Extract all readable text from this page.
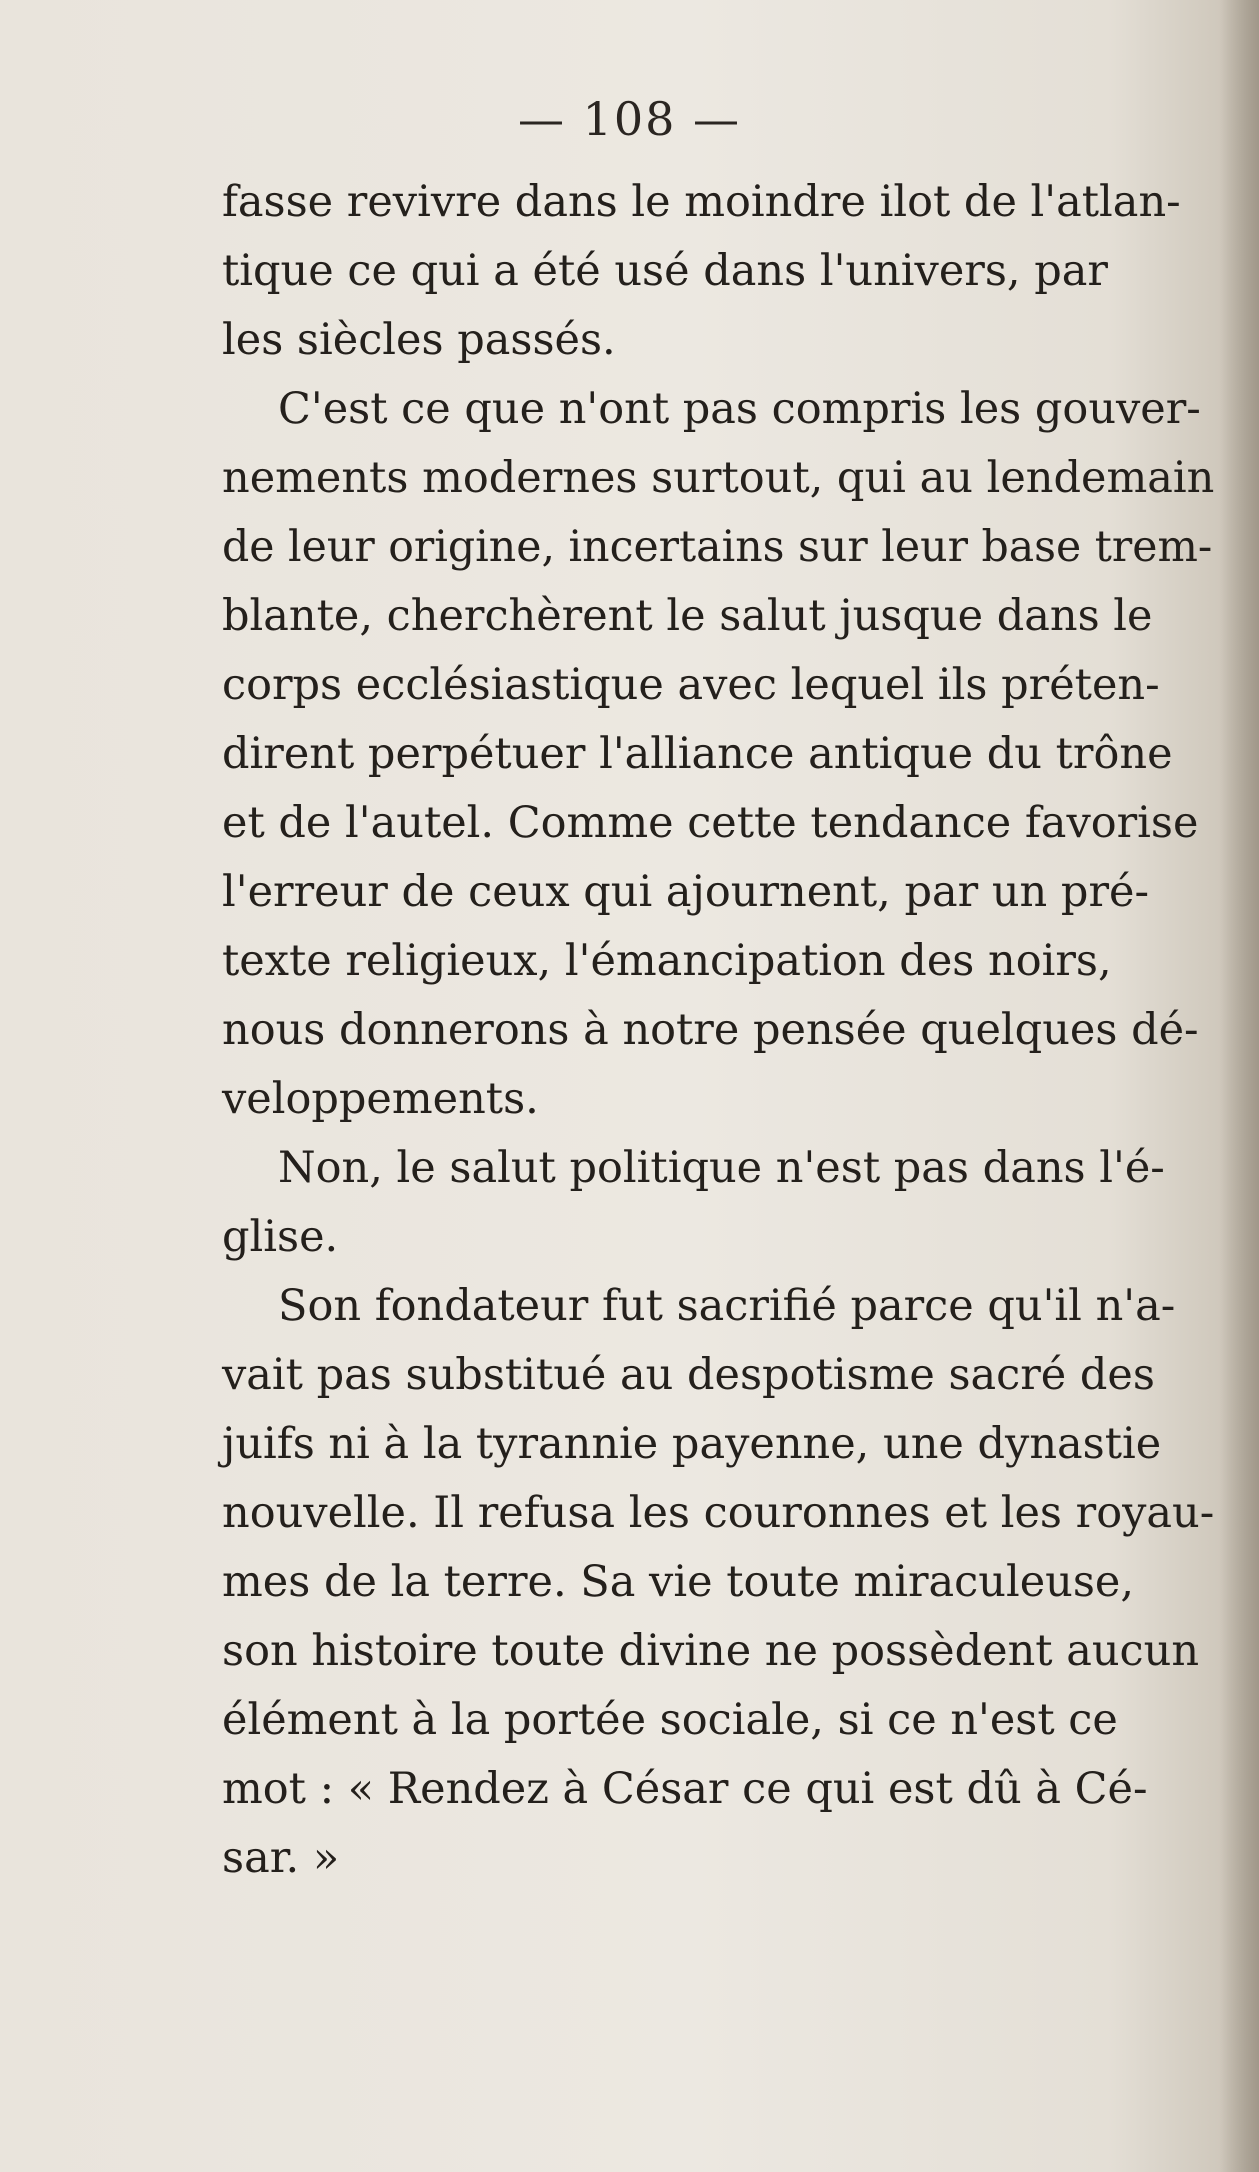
— 108 —

fasse revivre dans le moindre ilot de l'atlan-
tique ce qui a été usé dans l'univers, par
les siècles passés.

C'est ce que n'ont pas compris les gouver-
nements modernes surtout, qui au lendemain
de leur origine, incertains sur leur base trem-
blante, cherchèrent le salut jusque dans le
corps ecclésiastique avec lequel ils préten-
dirent perpétuer l'alliance antique du trône
et de l'autel. Comme cette tendance favorise
l'erreur de ceux qui ajournent, par un pré-
texte religieux, l'émancipation des noirs,
nous donnerons à notre pensée quelques dé-
veloppements.

Non, le salut politique n'est pas dans l'é-
glise.

Son fondateur fut sacrifié parce qu'il n'a-
vait pas substitué au despotisme sacré des
juifs ni à la tyrannie payenne, une dynastie
nouvelle. Il refusa les couronnes et les royau-
mes de la terre. Sa vie toute miraculeuse,
son histoire toute divine ne possèdent aucun
élément à la portée sociale, si ce n'est ce
mot : « Rendez à César ce qui est dû à Cé-
sar. »
